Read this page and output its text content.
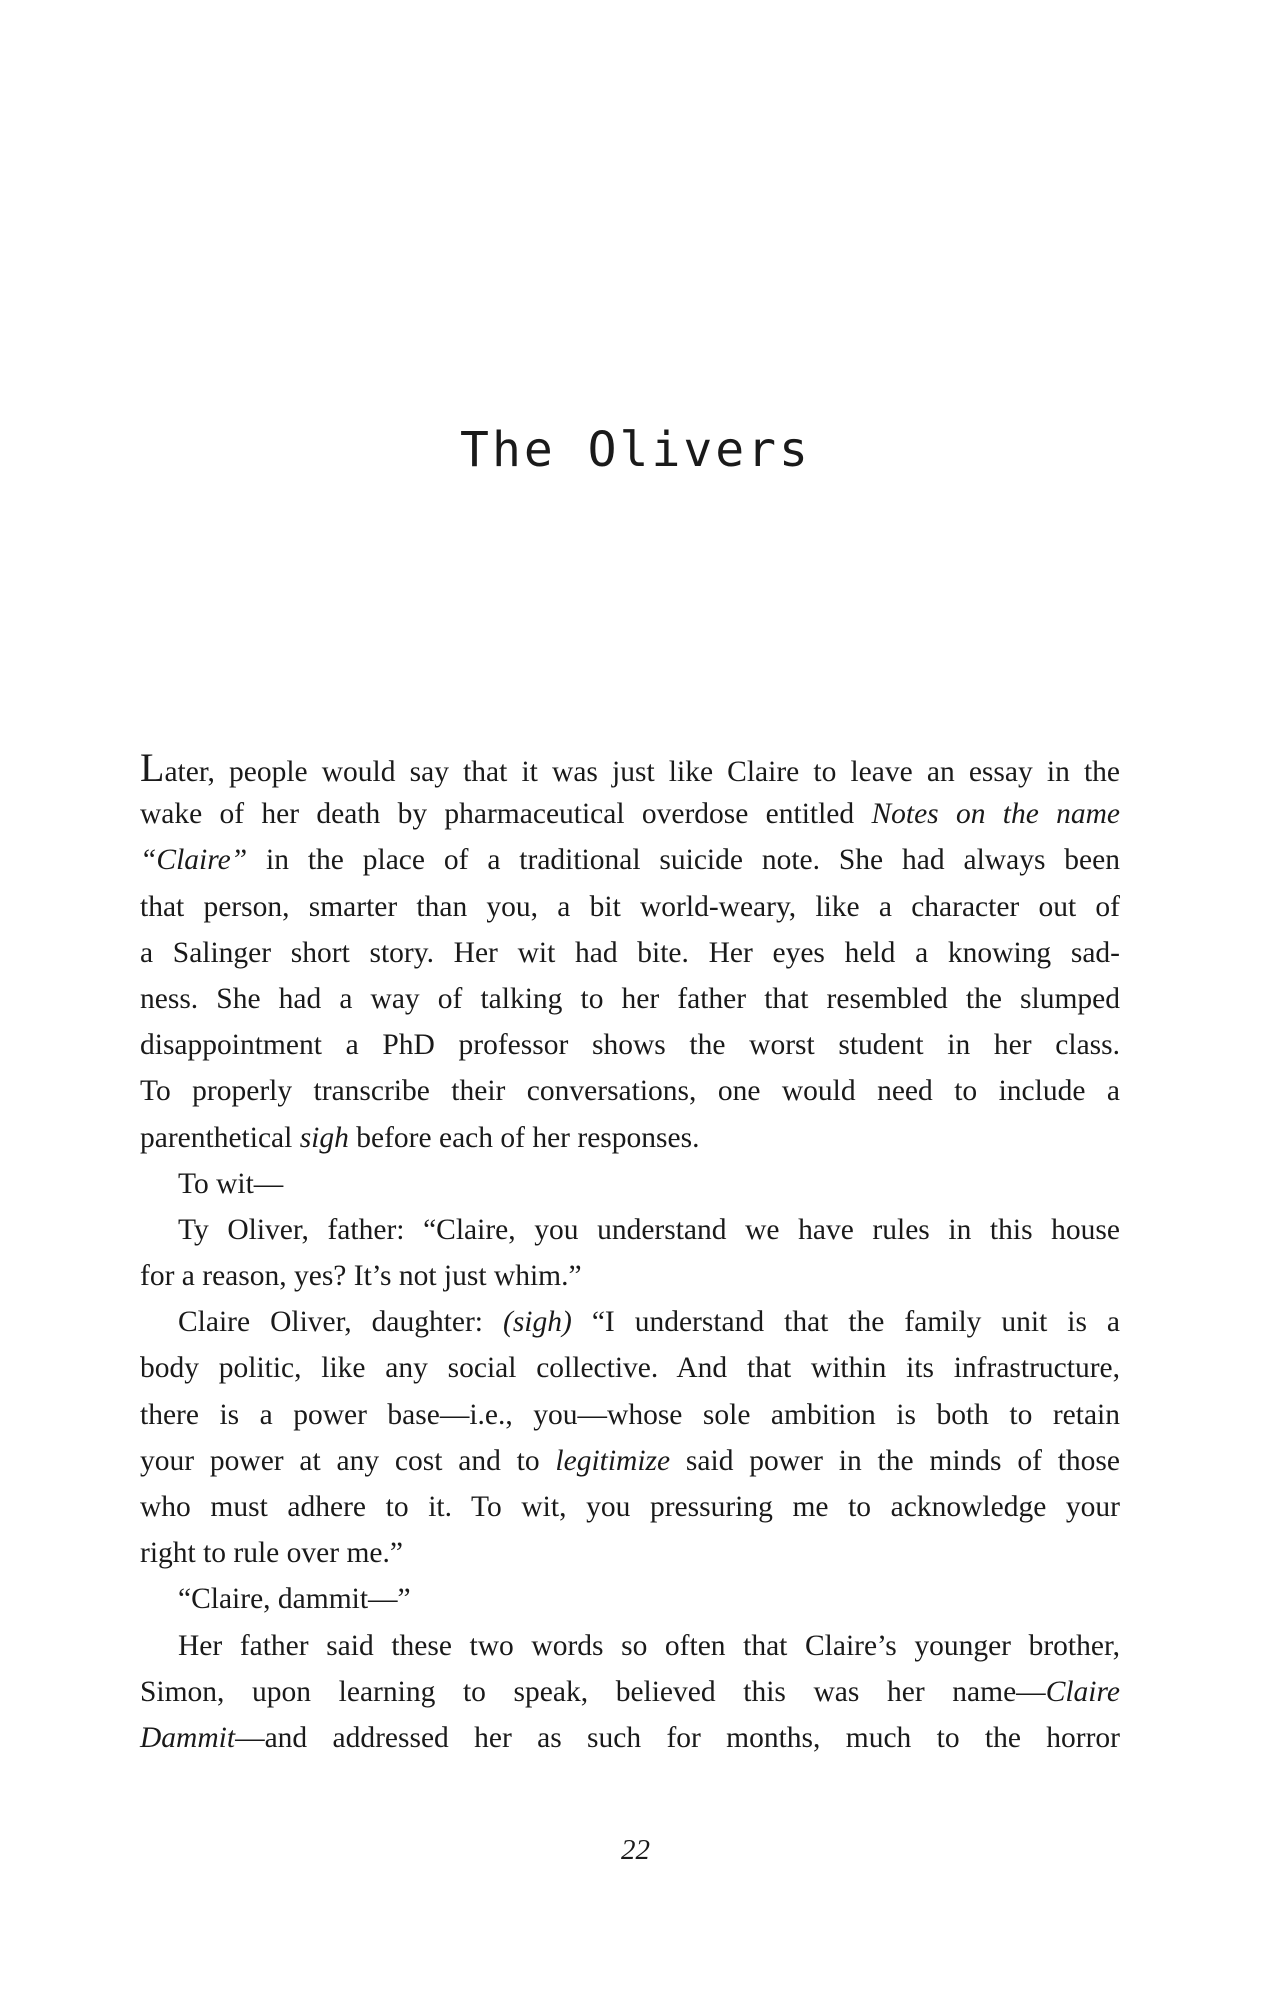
The Olivers
Later, people would say that it was just like Claire to leave an essay in the
wake of her death by pharmaceutical overdose entitled Notes on the name
“Claire” in the place of a traditional suicide note. She had always been
that person, smarter than you, a bit world-weary, like a character out of
a Salinger short story. Her wit had bite. Her eyes held a knowing sad-
ness. She had a way of talking to her father that resembled the slumped
disappointment a PhD professor shows the worst student in her class.
To properly transcribe their conversations, one would need to include a
parenthetical sigh before each of her responses.
To wit—
Ty Oliver, father: “Claire, you understand we have rules in this house
for a reason, yes? It’s not just whim.”
Claire Oliver, daughter: (sigh) “I understand that the family unit is a
body politic, like any social collective. And that within its infrastructure,
there is a power base—i.e., you—whose sole ambition is both to retain
your power at any cost and to legitimize said power in the minds of those
who must adhere to it. To wit, you pressuring me to acknowledge your
right to rule over me.”
“Claire, dammit—”
Her father said these two words so often that Claire’s younger brother,
Simon, upon learning to speak, believed this was her name—Claire
Dammit—and addressed her as such for months, much to the horror
22
